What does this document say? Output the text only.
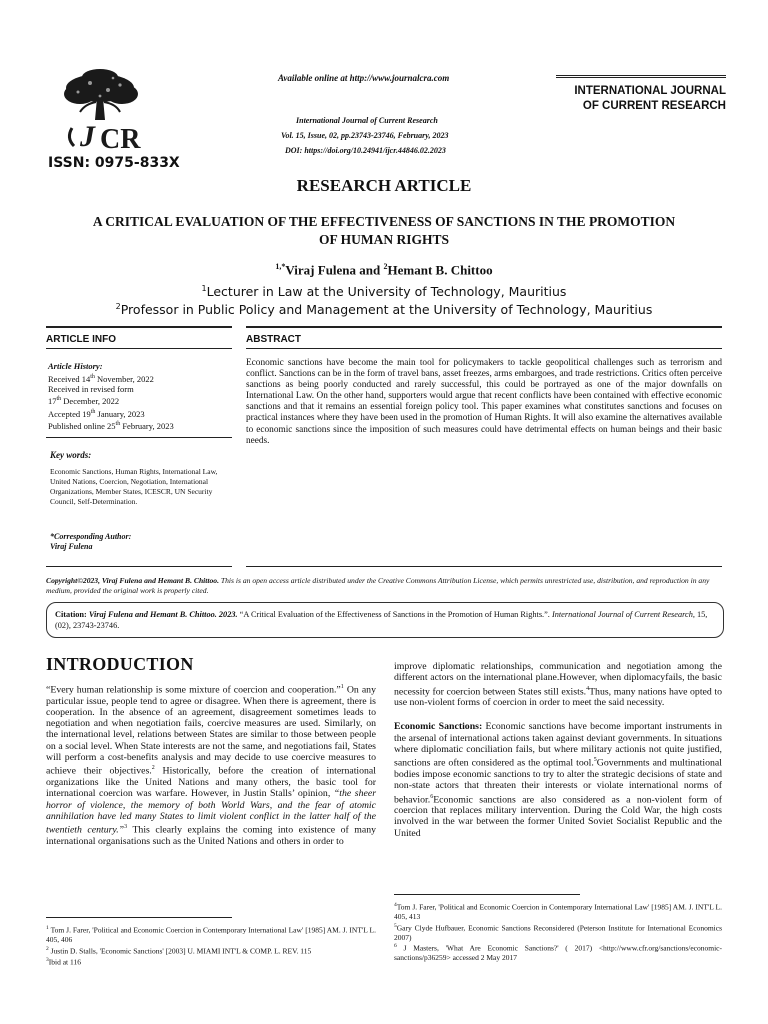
J CR
ISSN: 0975-833X
Available online at http://www.journalcra.com
International Journal of Current Research
Vol. 15, Issue, 02, pp.23743-23746, February, 2023
DOI: https://doi.org/10.24941/ijcr.44846.02.2023
INTERNATIONAL JOURNAL
OF CURRENT RESEARCH
RESEARCH ARTICLE
A CRITICAL EVALUATION OF THE EFFECTIVENESS OF SANCTIONS IN THE PROMOTION
OF HUMAN RIGHTS
$^{1,*}$Viraj Fulena and $^2$Hemant B. Chittoo
$^1$Lecturer in Law at the University of Technology, Mauritius
$^2$Professor in Public Policy and Management at the University of Technology, Mauritius
ARTICLE INFO	ABSTRACT
Article History:
Received 14th November, 2022
Received in revised form
17th December, 2022
Accepted 19th January, 2023
Published online 25th February, 2023
Key words:
Economic Sanctions, Human Rights, International Law, United Nations, Coercion, Negotiation, International Organizations, Member States, ICESCR, UN Security Council, Self-Determination.
*Corresponding Author:
Viraj Fulena
Economic sanctions have become the main tool for policymakers to tackle geopolitical challenges such as terrorism and conflict. Sanctions can be in the form of travel bans, asset freezes, arms embargoes, and trade restrictions. Critics often perceive sanctions as being poorly conducted and rarely successful, this could be portrayed as one of the major downfalls on International Law. On the other hand, supporters would argue that recent conflicts have been contained with effective economic sanctions and that it remains an essential foreign policy tool. This paper examines what constitutes sanctions and focuses on practical instances where they have been used in the promotion of Human Rights. It will also examine the alternatives available to economic sanctions since the imposition of such measures could have detrimental effects on human beings and their basic needs.
Copyright©2023, Viraj Fulena and Hemant B. Chittoo. This is an open access article distributed under the Creative Commons Attribution License, which permits unrestricted use, distribution, and reproduction in any medium, provided the original work is properly cited.
Citation: Viraj Fulena and Hemant B. Chittoo. 2023. “A Critical Evaluation of the Effectiveness of Sanctions in the Promotion of Human Rights.”. International Journal of Current Research, 15, (02), 23743-23746.
INTRODUCTION
“Every human relationship is some mixture of coercion and cooperation.”$^1$ On any particular issue, people tend to agree or disagree. When there is agreement, there is cooperation. In the absence of an agreement, disagreement sometimes leads to negotiation and when negotiation fails, coercive measures are used. Similarly, on the international level, relations between States are similar to those between people on a social level. When State interests are not the same, and negotiations fail, States will perform a cost-benefits analysis and may decide to use coercive measures to achieve their objectives.$^2$ Historically, before the creation of international organizations like the United Nations and many others, the basic tool for international coercion was warfare. However, in Justin Stalls’ opinion, “the sheer horror of violence, the memory of both World Wars, and the fear of atomic annihilation have led many States to limit violent conflict in the latter half of the twentieth century.”$^3$ This clearly explains the coming into existence of many international organisations such as the United Nations and others in order to
$^1$ Tom J. Farer, 'Political and Economic Coercion in Contemporary International Law' [1985] AM. J. INT'L L. 405, 406
$^2$ Justin D. Stalls, 'Economic Sanctions' [2003] U. MIAMI INT'L & COMP. L. REV. 115
$^3$Ibid at 116
improve diplomatic relationships, communication and negotiation among the different actors on the international plane.However, when diplomacyfails, the basic necessity for coercion between States still exists.$^4$Thus, many nations have opted to use non-violent forms of coercion in order to meet the said necessity.
Economic Sanctions: Economic sanctions have become important instruments in the arsenal of international actions taken against deviant governments. In situations where diplomatic conciliation fails, but where military actionis not quite justified, sanctions are often considered as the optimal tool.$^5$Governments and multinational bodies impose economic sanctions to try to alter the strategic decisions of state and non-state actors that threaten their interests or violate international norms of behavior.$^6$Economic sanctions are also considered as a non-violent form of coercion that replaces military intervention. During the Cold War, the high costs involved in the war between the former United Soviet Socialist Republic and the United
$^4$Tom J. Farer, 'Political and Economic Coercion in Contemporary International Law' [1985] AM. J. INT'L L. 405, 413
$^5$Gary Clyde Hufbauer, Economic Sanctions Reconsidered (Peterson Institute for International Economics 2007)
$^6$ J Masters, 'What Are Economic Sanctions?' ( 2017) <http://www.cfr.org/sanctions/economic-sanctions/p36259> accessed 2 May 2017
